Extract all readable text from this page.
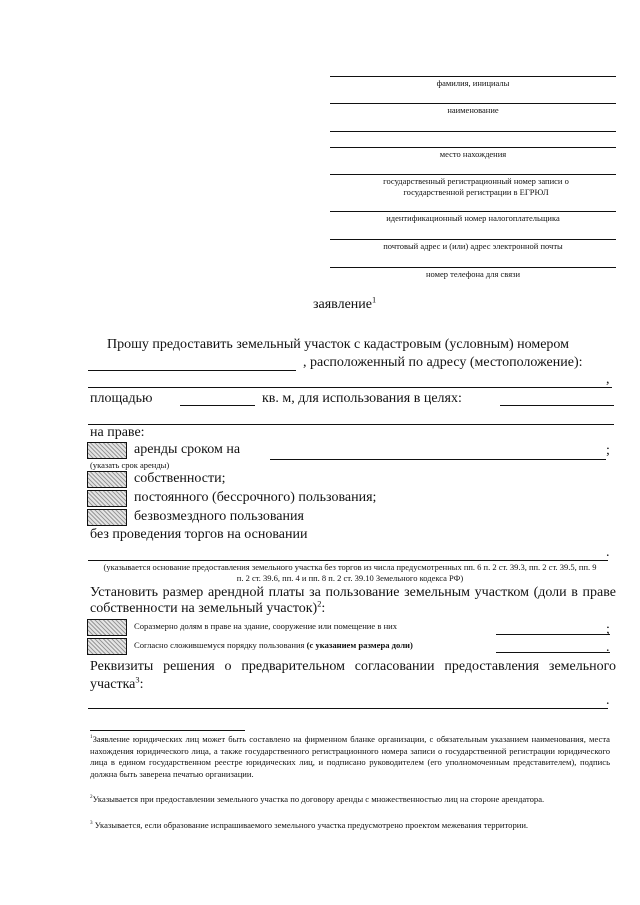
фамилия, инициалы
наименование
место нахождения
государственный регистрационный номер записи о государственной регистрации в ЕГРЮЛ
идентификационный номер налогоплательщика
почтовый адрес и (или) адрес электронной почты
номер телефона для связи
заявление$^1$
Прошу предоставить земельный участок с кадастровым (условным) номером
, расположенный по адресу (местоположение):
,
площадью	кв. м, для использования в целях:
на праве:
аренды сроком на	;
(указать срок аренды)
собственности;
постоянного (бессрочного) пользования;
безвозмездного пользования
без проведения торгов на основании
.
(указывается основание предоставления земельного участка без торгов из числа предусмотренных пп. 6 п. 2 ст. 39.3, пп. 2 ст. 39.5, пп. 9 п. 2 ст. 39.6, пп. 4 и пп. 8 п. 2 ст. 39.10 Земельного кодекса РФ)
Установить размер арендной платы за пользование земельным участком (доли в праве собственности на земельный участок)$^2$:
Соразмерно долям в праве на здание, сооружение или помещение в них	;
Согласно сложившемуся порядку пользования (с указанием размера доли)	.
Реквизиты решения о предварительном согласовании предоставления земельного участка$^3$:
.
$^1$Заявление юридических лиц может быть составлено на фирменном бланке организации, с обязательным указанием наименования, места нахождения юридического лица, а также государственного регистрационного номера записи о государственной регистрации юридического лица в едином государственном реестре юридических лиц, и подписано руководителем (его уполномоченным представителем), подпись должна быть заверена печатью организации.
$^2$Указывается при предоставлении земельного участка по договору аренды с множественностью лиц на стороне арендатора.
$^3$ Указывается, если образование испрашиваемого земельного участка предусмотрено проектом межевания территории.
